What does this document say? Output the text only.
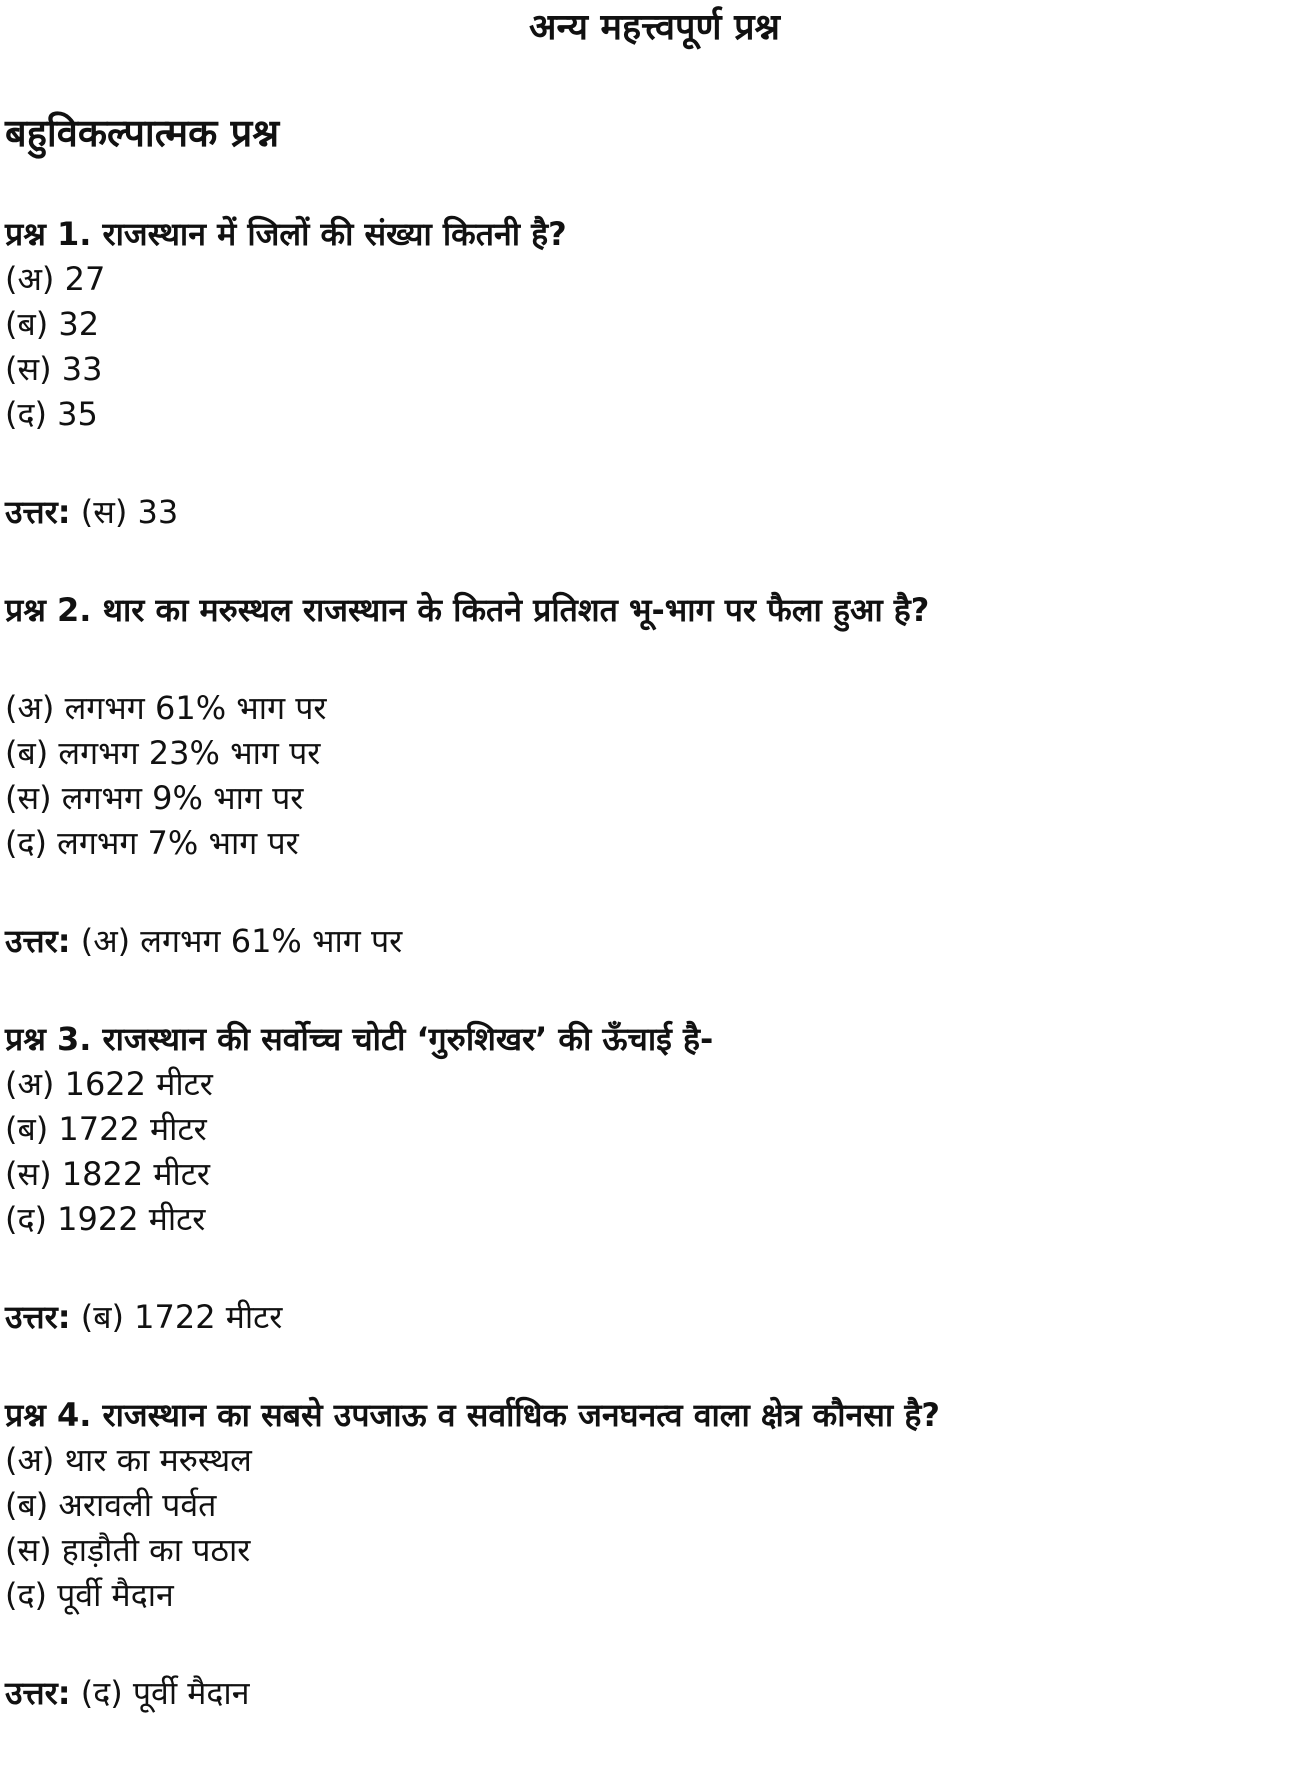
अन्य महत्त्वपूर्ण प्रश्न
बहुविकल्पात्मक प्रश्न
प्रश्न 1. राजस्थान में जिलों की संख्या कितनी है?
(अ) 27
(ब) 32
(स) 33
(द) 35
उत्तर: (स) 33
प्रश्न 2. थार का मरुस्थल राजस्थान के कितने प्रतिशत भू-भाग पर फैला हुआ है?
(अ) लगभग 61% भाग पर
(ब) लगभग 23% भाग पर
(स) लगभग 9% भाग पर
(द) लगभग 7% भाग पर
उत्तर: (अ) लगभग 61% भाग पर
प्रश्न 3. राजस्थान की सर्वोच्च चोटी ‘गुरुशिखर’ की ऊँचाई है-
(अ) 1622 मीटर
(ब) 1722 मीटर
(स) 1822 मीटर
(द) 1922 मीटर
उत्तर: (ब) 1722 मीटर
प्रश्न 4. राजस्थान का सबसे उपजाऊ व सर्वाधिक जनघनत्व वाला क्षेत्र कौनसा है?
(अ) थार का मरुस्थल
(ब) अरावली पर्वत
(स) हाड़ौती का पठार
(द) पूर्वी मैदान
उत्तर: (द) पूर्वी मैदान
